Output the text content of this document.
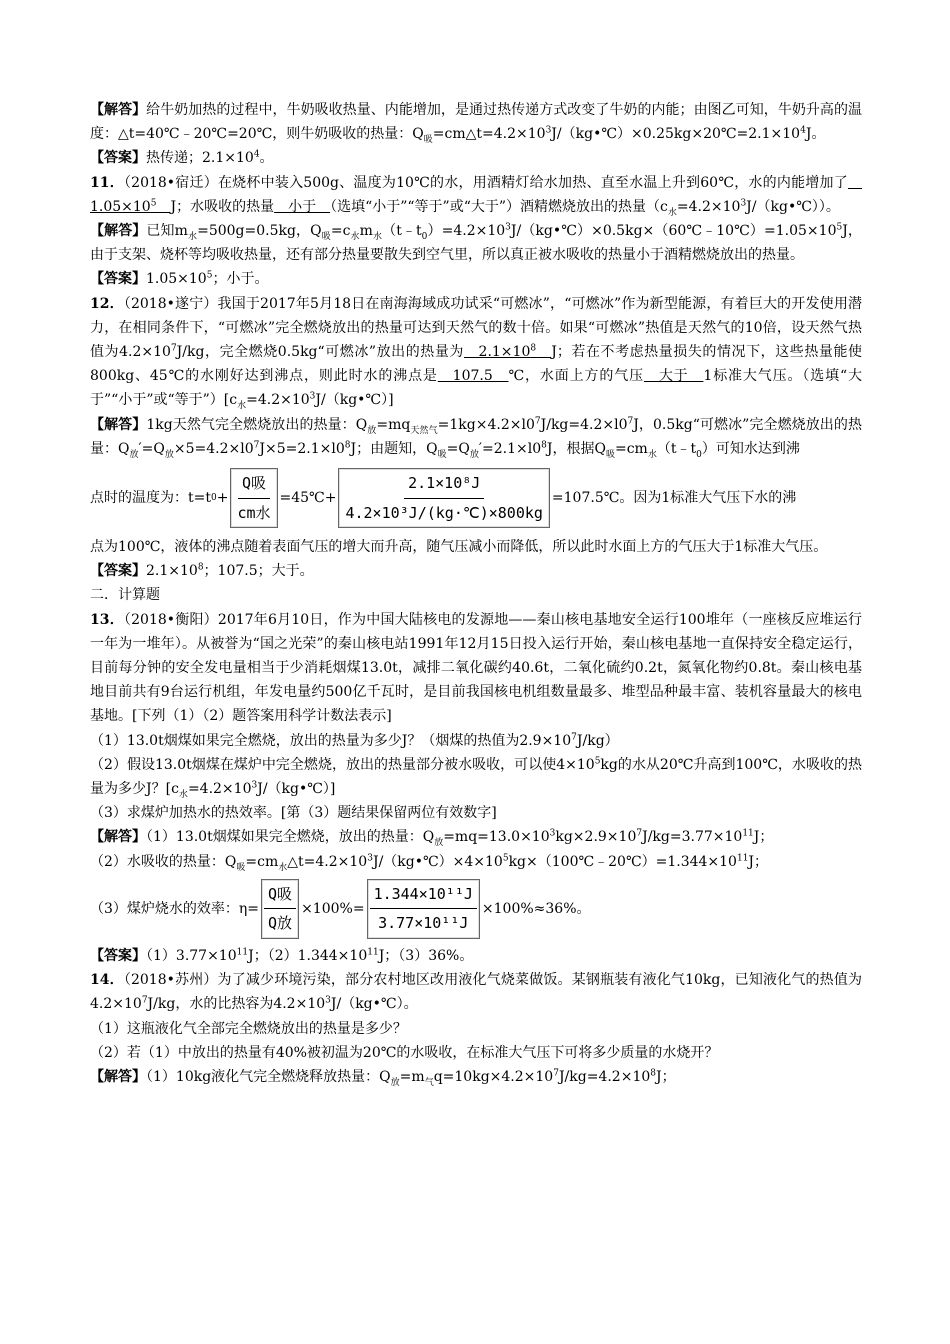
【解答】给牛奶加热的过程中，牛奶吸收热量、内能增加，是通过热传递方式改变了牛奶的内能；由图乙可知，牛奶升高的温度：△t=40℃﹣20℃=20℃，则牛奶吸收的热量：$Q_吸=cm\triangle t=4.2\times 10^3J/(kg•℃)\times 0.25kg\times 20℃=2.1\times 10^4J$。

【答案】热传递；$2.1\times 10^4$。

11．（2018•宿迁）在烧杯中装入500g、温度为10℃的水，用酒精灯给水加热、直至水温上升到60℃，水的内能增加了　$1.05\times 10^5$　 J；水吸收的热量　小于　（选填“小于”“等于”或“大于”）酒精燃烧放出的热量$(c_水=4.2\times 10^3J/(kg•℃))$。

【解答】已知$m_水=500g=0.5kg$，$Q_吸=c_水m_水(t﹣t_0)=4.2\times 10^3J/(kg•℃)\times 0.5kg\times(60℃﹣10℃)=1.05\times 10^5J$，由于支架、烧杯等均吸收热量，还有部分热量要散失到空气里，所以真正被水吸收的热量小于酒精燃烧放出的热量。

【答案】$1.05\times 10^5$；小于。

12．（2018•遂宁）我国于2017年5月18日在南海海域成功试采“可燃冰”，“可燃冰”作为新型能源，有着巨大的开发使用潜力，在相同条件下，“可燃冰”完全燃烧放出的热量可达到天然气的数十倍。如果“可燃冰”热值是天然气的10倍，设天然气热值为$4.2\times 10^7J/kg$，完全燃烧0.5kg“可燃冰”放出的热量为　$2.1\times 10^8$　 J；若在不考虑热量损失的情况下，这些热量能使800kg、45℃的水刚好达到沸点，则此时水的沸点是　107.5　℃，水面上方的气压　大于　1标准大气压。（选填“大于”“小于”或“等于$”)[c_水=4.2\times 10^3J/(kg•℃)]$

【解答】1kg天然气完全燃烧放出的热量：$Q_放=mq_{天然气}=1kg\times 4.2\times l0^7J/kg=4.2\times l0^7J$，0.5kg“可燃冰”完全燃烧放出的热量：$Q_放'=Q_放\times 5=4.2\times l0^7J\times 5=2.1\times l0^8J$；由题知，$Q_吸=Q_放'=2.1\times l0^8J$，根据$Q_吸=cm_水(t﹣t_0)$可知水达到沸

点时的温度为：t=t $0 + \frac{\text{Q吸}}{\text{cm水}}$ =45℃+ $\frac{\text{2.1×10⁸J}}{\text{4.2×10³J/(kg·℃)×800kg}}$ =107.5℃。因为1标准大气压下水的沸

点为100℃，液体的沸点随着表面气压的增大而升高，随气压减小而降低，所以此时水面上方的气压大于1标准大气压。

【答案】$2.1\times 10^8$；107.5；大于。

二．计算题

13．（2018•衡阳）2017年6月10日，作为中国大陆核电的发源地——秦山核电基地安全运行100堆年（一座核反应堆运行一年为一堆年）。从被誉为“国之光荣”的秦山核电站1991年12月15日投入运行开始，秦山核电基地一直保持安全稳定运行，目前每分钟的安全发电量相当于少消耗烟煤13.0t，减排二氧化碳约40.6t，二氧化硫约0.2t，氮氧化物约0.8t。秦山核电基地目前共有9台运行机组，年发电量约500亿千瓦时，是目前我国核电机组数量最多、堆型品种最丰富、装机容量最大的核电基地。[下列（1）（2）题答案用科学计数法表示]

（1）13.0t烟煤如果完全燃烧，放出的热量为多少J？（烟煤的热值为$2.9\times 10^7J/kg$）

（2）假设13.0t烟煤在煤炉中完全燃烧，放出的热量部分被水吸收，可以使$4\times 10^5kg$的水从20℃升高到100℃，水吸收的热量为多少J？$[c_水=4.2\times 10^3J/(kg•℃)]$

（3）求煤炉加热水的热效率。[第（3）题结果保留两位有效数字]

【解答】（1）13.0t烟煤如果完全燃烧，放出的热量：$Q_放=mq=13.0\times 10^3kg\times 2.9\times 10^7J/kg=3.77\times 10^{11}J$；

（2）水吸收的热量：$Q_吸=cm_水\triangle t=4.2\times 10^3J/(kg•℃)\times 4\times 10^5kg\times(100℃﹣20℃)=1.344\times 10^{11}J$；

（3）煤炉烧水的效率：$\eta= \frac{\text{Q吸}}{\text{Q放}} \times 100\%= \frac{\text{1.344×10¹¹J}}{\text{3.77×10¹¹J}} \times 100\%\approx 36\%$。

【答案】$(1)3.77\times 10^{11}J$；$(2)1.344\times 10^{11}J$；（3）36%。

14．（2018•苏州）为了减少环境污染，部分农村地区改用液化气烧菜做饭。某钢瓶装有液化气10kg，已知液化气的热值为$4.2\times 10^7J/kg$，水的比热容为$4.2\times 10^3J/(kg•℃)$。

（1）这瓶液化气全部完全燃烧放出的热量是多少？

（2）若（1）中放出的热量有40%被初温为20℃的水吸收，在标准大气压下可将多少质量的水烧开？

【解答】（1）10kg液化气完全燃烧释放热量：$Q_放=m_气q=10kg\times 4.2\times 10^7J/kg=4.2\times 10^8J$；
